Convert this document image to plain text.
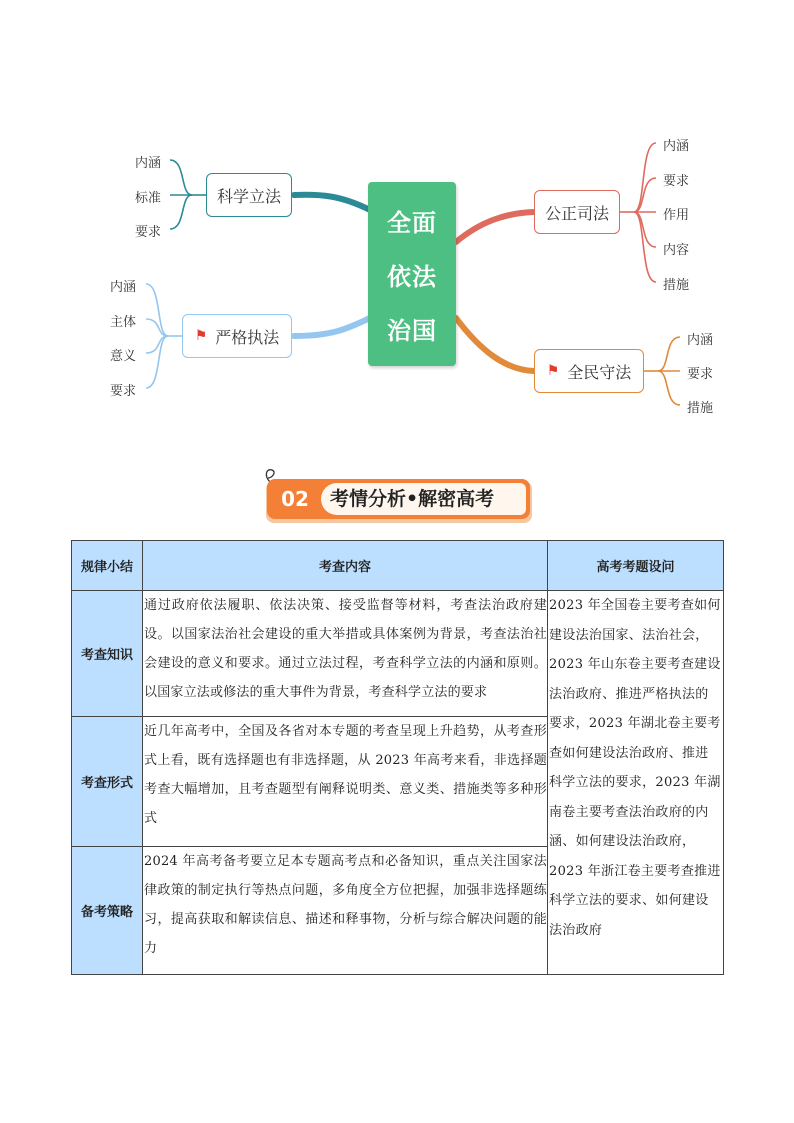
全面
依法
治国
科学立法
内涵
标准
要求
⚑ 严格执法
内涵
主体
意义
要求
公正司法
内涵
要求
作用
内容
措施
⚑ 全民守法
内涵
要求
措施
02	考情分析•解密高考
规律小结	考查内容	高考考题设问
考查知识	通过政府依法履职、依法决策、接受监督等材料，考查法治政府建设。以国家法治社会建设的重大举措或具体案例为背景，考查法治社会建设的意义和要求。通过立法过程，考查科学立法的内涵和原则。以国家立法或修法的重大事件为背景，考查科学立法的要求	2023 年全国卷主要考查如何建设法治国家、法治社会，2023 年山东卷主要考查建设法治政府、推进严格执法的要求，2023 年湖北卷主要考查如何建设法治政府、推进科学立法的要求，2023 年湖南卷主要考查法治政府的内涵、如何建设法治政府，2023 年浙江卷主要考查推进科学立法的要求、如何建设法治政府

考查形式	近几年高考中，全国及各省对本专题的考查呈现上升趋势，从考查形式上看，既有选择题也有非选择题，从 2023 年高考来看，非选择题考查大幅增加，且考查题型有阐释说明类、意义类、措施类等多种形式	

备考策略	2024 年高考备考要立足本专题高考点和必备知识，重点关注国家法律政策的制定执行等热点问题，多角度全方位把握，加强非选择题练习，提高获取和解读信息、描述和释事物，分析与综合解决问题的能力	
